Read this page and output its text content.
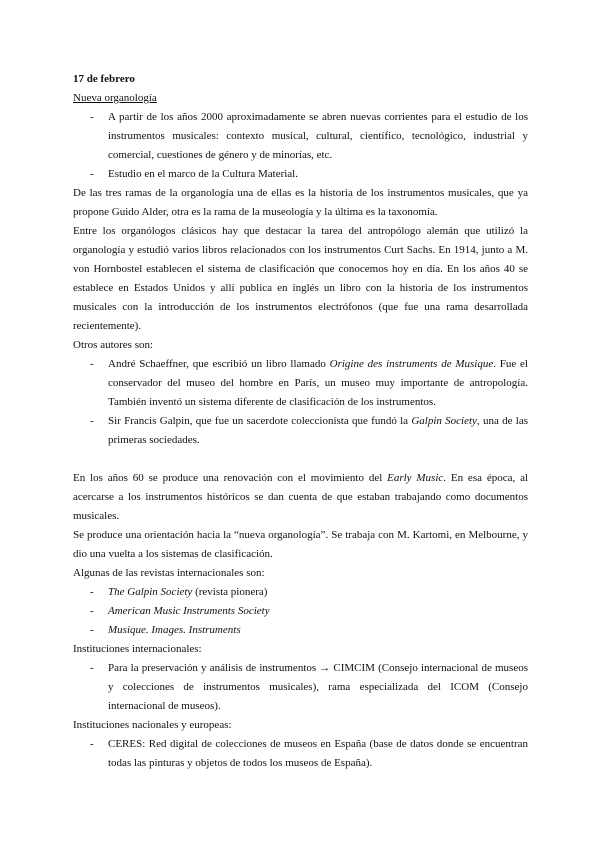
17 de febrero
Nueva organología
-	A partir de los años 2000 aproximadamente se abren nuevas corrientes para el estudio de los instrumentos musicales: contexto musical, cultural, científico, tecnológico, industrial y comercial, cuestiones de género y de minorías, etc.
-	Estudio en el marco de la Cultura Material.

De las tres ramas de la organología una de ellas es la historia de los instrumentos musicales, que ya propone Guido Alder, otra es la rama de la museología y la última es la taxonomía.

Entre los organólogos clásicos hay que destacar la tarea del antropólogo alemán que utilizó la organología y estudió varios libros relacionados con los instrumentos Curt Sachs. En 1914, junto a M. von Hornbostel establecen el sistema de clasificación que conocemos hoy en día. En los años 40 se establece en Estados Unidos y allí publica en inglés un libro con la historia de los instrumentos musicales con la introducción de los instrumentos electrófonos (que fue una rama desarrollada recientemente).

Otros autores son:

-	André Schaeffner, que escribió un libro llamado Origine des instruments de Musique. Fue el conservador del museo del hombre en París, un museo muy importante de antropología. También inventó un sistema diferente de clasificación de los instrumentos.
-	Sir Francis Galpin, que fue un sacerdote coleccionista que fundó la Galpin Society, una de las primeras sociedades.

En los años 60 se produce una renovación con el movimiento del Early Music. En esa época, al acercarse a los instrumentos históricos se dan cuenta de que estaban trabajando como documentos musicales.

Se produce una orientación hacia la “nueva organología”. Se trabaja con M. Kartomi, en Melbourne, y dio una vuelta a los sistemas de clasificación.

Algunas de las revistas internacionales son:

-	The Galpin Society (revista pionera)
-	American Music Instruments Society
-	Musique. Images. Instruments

Instituciones internacionales:

-	Para la preservación y análisis de instrumentos → CIMCIM (Consejo internacional de museos y colecciones de instrumentos musicales), rama especializada del ICOM (Consejo internacional de museos).

Instituciones nacionales y europeas:

-	CERES: Red digital de colecciones de museos en España (base de datos donde se encuentran todas las pinturas y objetos de todos los museos de España).
